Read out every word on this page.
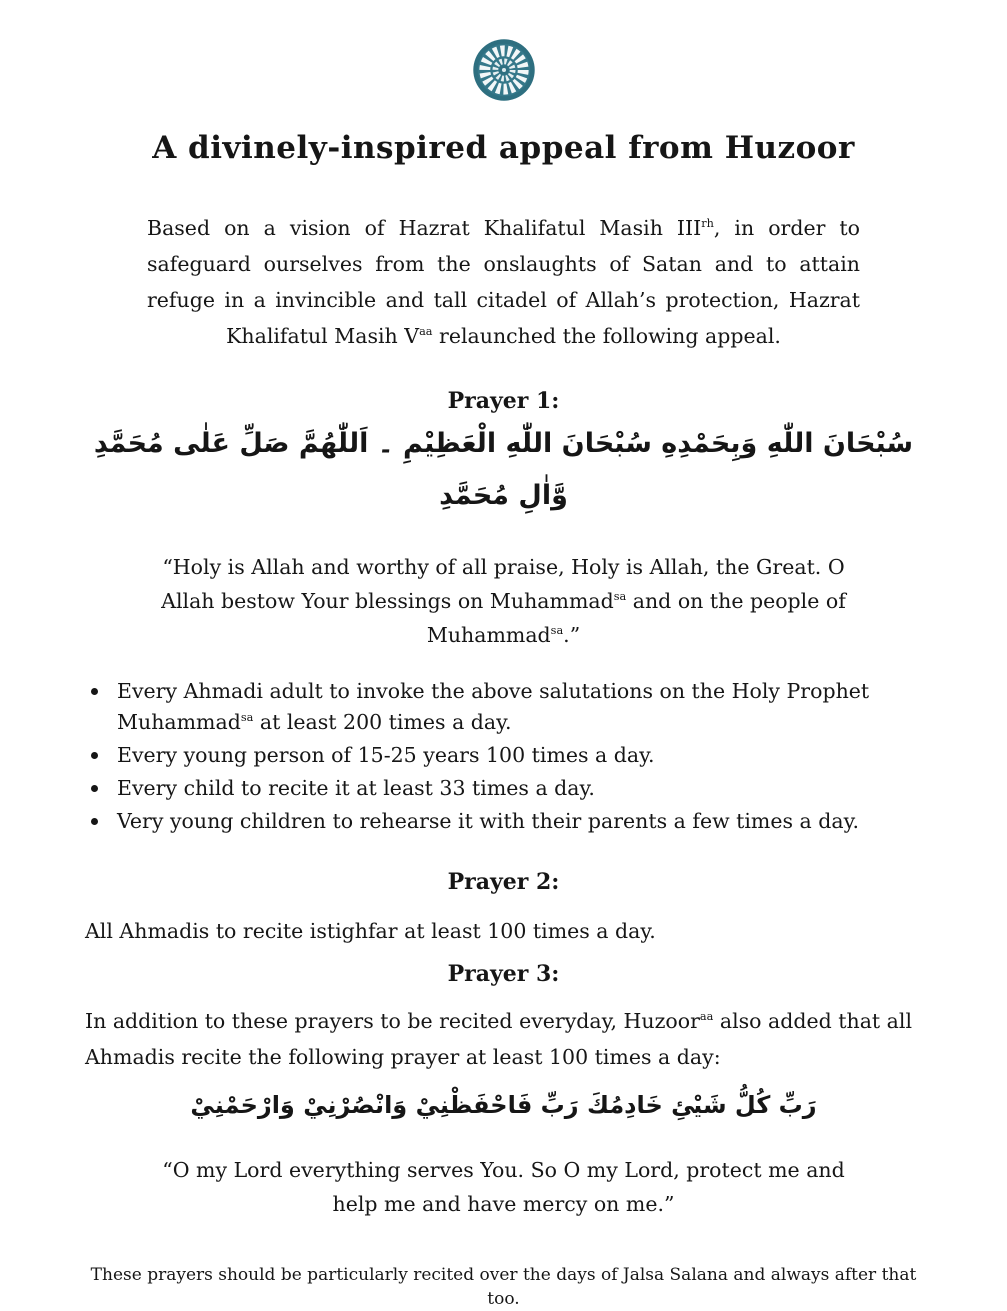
A divinely-inspired appeal from Huzoor

Based on a vision of Hazrat Khalifatul Masih $III^{rh}$, in order to safeguard ourselves from the onslaughts of Satan and to attain refuge in a invincible and tall citadel of Allah’s protection, Hazrat Khalifatul Masih $V^{aa}$ relaunched the following appeal.

Prayer 1:
سُبْحَانَ اللّٰهِ وَبِحَمْدِهِ سُبْحَانَ اللّٰهِ الْعَظِيْمِ ۔ اَللّٰهُمَّ صَلِّ عَلٰى مُحَمَّدِ وَّاٰلِ مُحَمَّدِ

“Holy is Allah and worthy of all praise, Holy is Allah, the Great. O Allah bestow Your blessings on Muhammad$^{sa}$ and on the people of Muhammad$^{sa}$.”

Every Ahmadi adult to invoke the above salutations on the Holy Prophet Muhammad$^{sa}$ at least 200 times a day.
Every young person of 15-25 years 100 times a day.
Every child to recite it at least 33 times a day.
Very young children to rehearse it with their parents a few times a day.
Prayer 2:

All Ahmadis to recite istighfar at least 100 times a day.

Prayer 3:

In addition to these prayers to be recited everyday, Huzoor$^{aa}$ also added that all Ahmadis recite the following prayer at least 100 times a day:

رَبِّ كُلُّ شَيْئِ خَادِمُكَ رَبِّ فَاحْفَظْنِيْ وَانْصُرْنِيْ وَارْحَمْنِيْ

“O my Lord everything serves You. So O my Lord, protect me and help me and have mercy on me.”

These prayers should be particularly recited over the days of Jalsa Salana and always after that too.
